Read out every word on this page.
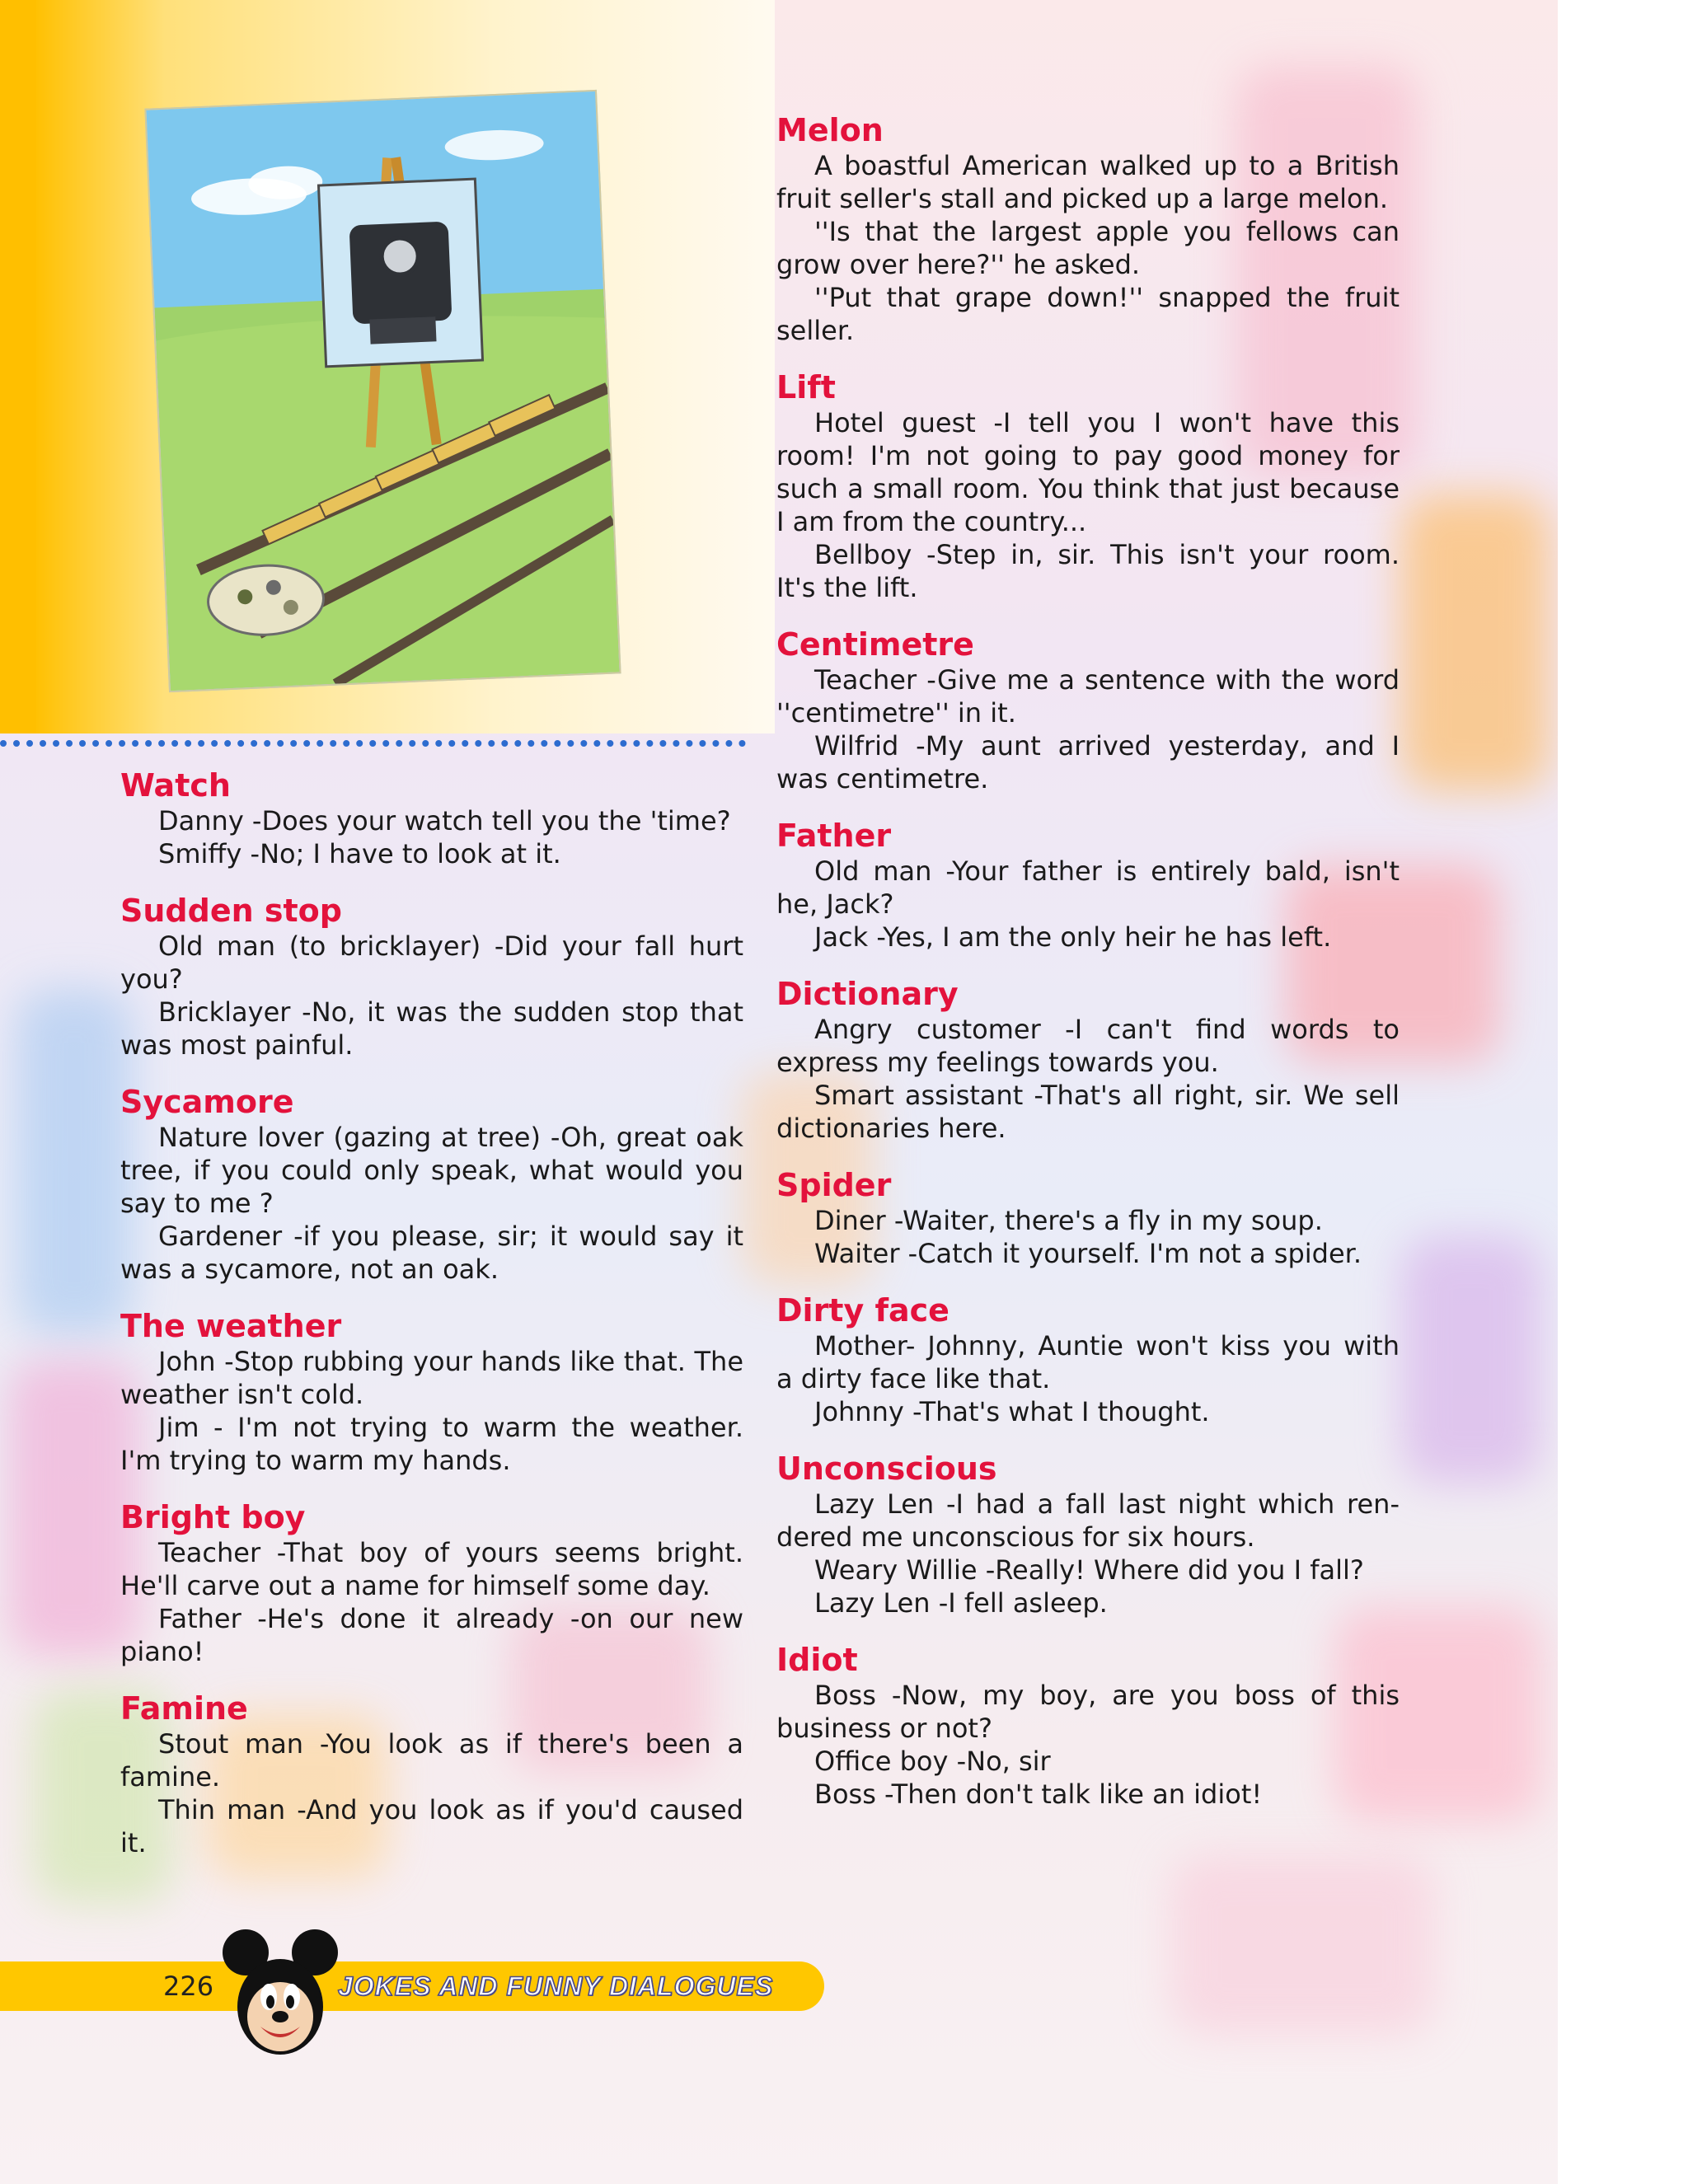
Watch

Danny -Does your watch tell you the 'time?

Smiffy -No; I have to look at it.

Sudden stop

Old man (to bricklayer) -Did your fall hurt you?

Bricklayer -No, it was the sudden stop that was most painful.

Sycamore

Nature lover (gazing at tree) -Oh, great oak tree, if you could only speak, what would you say to me ?

Gardener -if you please, sir; it would say it was a sycamore, not an oak.

The weather

John -Stop rubbing your hands like that. The weather isn't cold.

Jim - I'm not trying to warm the weather. I'm trying to warm my hands.

Bright boy

Teacher -That boy of yours seems bright. He'll carve out a name for himself some day.

Father -He's done it already -on our new piano!

Famine

Stout man -You look as if there's been a famine.

Thin man -And you look as if you'd caused it.

Melon

A boastful American walked up to a British fruit seller's stall and picked up a large melon.

''Is that the largest apple you fellows can grow over here?'' he asked.

''Put that grape down!'' snapped the fruit seller.

Lift

Hotel guest -I tell you I won't have this room! I'm not going to pay good money for such a small room. You think that just because I am from the country...

Bellboy -Step in, sir. This isn't your room. It's the lift.

Centimetre

Teacher -Give me a sentence with the word ''centimetre'' in it.

Wilfrid -My aunt arrived yesterday, and I was centimetre.

Father

Old man -Your father is entirely bald, isn't he, Jack?

Jack -Yes, I am the only heir he has left.

Dictionary

Angry customer -I can't find words to express my feelings towards you.

Smart assistant -That's all right, sir. We sell dictionaries here.

Spider

Diner -Waiter, there's a fly in my soup.

Waiter -Catch it yourself. I'm not a spider.

Dirty face

Mother- Johnny, Auntie won't kiss you with a dirty face like that.

Johnny -That's what I thought.

Unconscious

Lazy Len -I had a fall last night which ren-dered me unconscious for six hours.

Weary Willie -Really! Where did you I fall?

Lazy Len -I fell asleep.

Idiot

Boss -Now, my boy, are you boss of this business or not?

Office boy -No, sir

Boss -Then don't talk like an idiot!

226	JOKES AND FUNNY DIALOGUES
